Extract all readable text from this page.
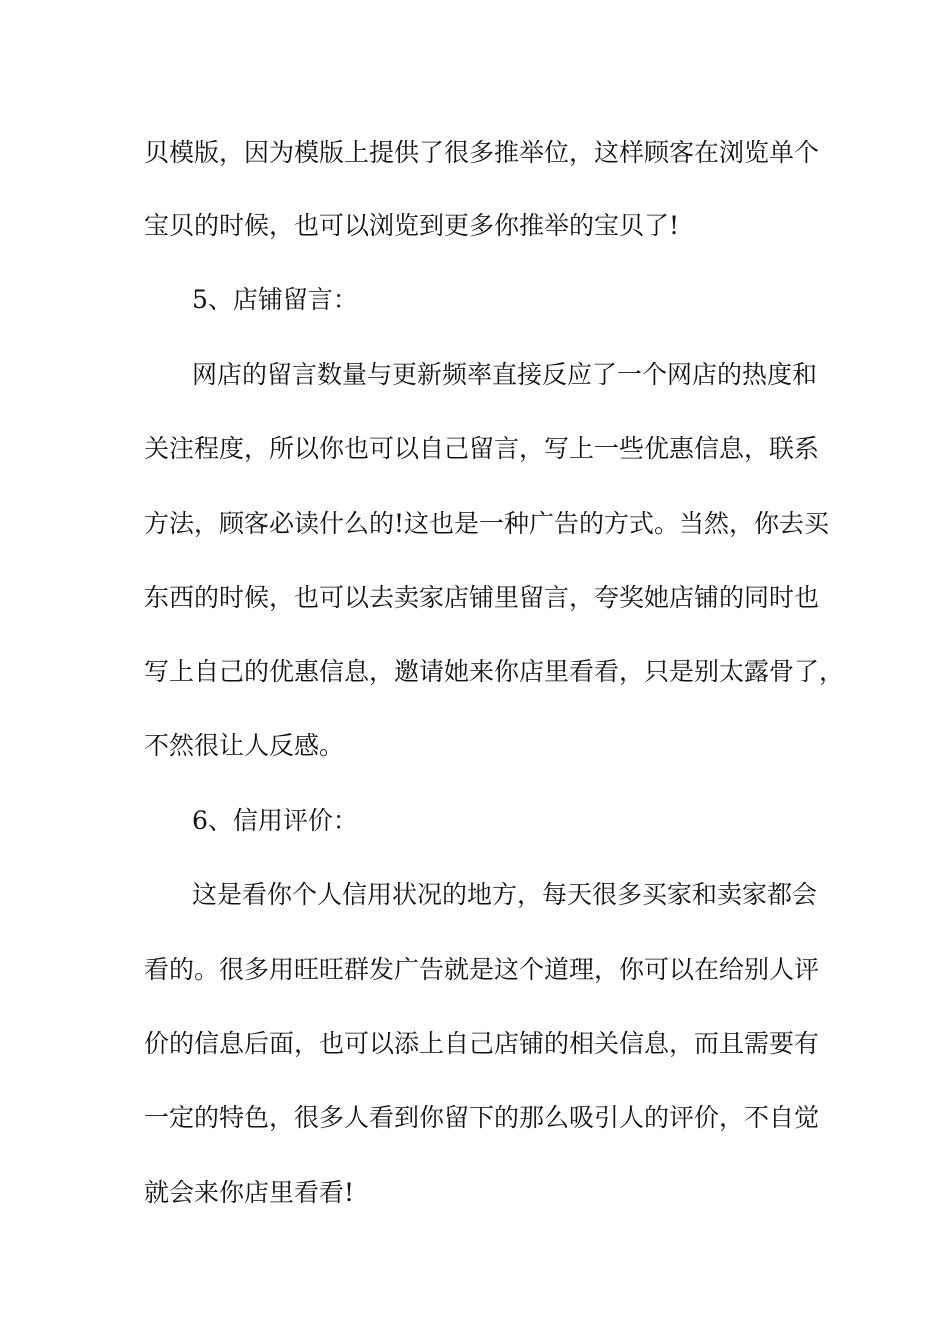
贝模版，因为模版上提供了很多推举位，这样顾客在浏览单个
宝贝的时候，也可以浏览到更多你推举的宝贝了!
5、店铺留言：
网店的留言数量与更新频率直接反应了一个网店的热度和
关注程度，所以你也可以自己留言，写上一些优惠信息，联系
方法，顾客必读什么的!这也是一种广告的方式。当然，你去买
东西的时候，也可以去卖家店铺里留言，夸奖她店铺的同时也
写上自己的优惠信息，邀请她来你店里看看，只是别太露骨了，
不然很让人反感。
6、信用评价：
这是看你个人信用状况的地方，每天很多买家和卖家都会
看的。很多用旺旺群发广告就是这个道理，你可以在给别人评
价的信息后面，也可以添上自己店铺的相关信息，而且需要有
一定的特色，很多人看到你留下的那么吸引人的评价，不自觉
就会来你店里看看!
